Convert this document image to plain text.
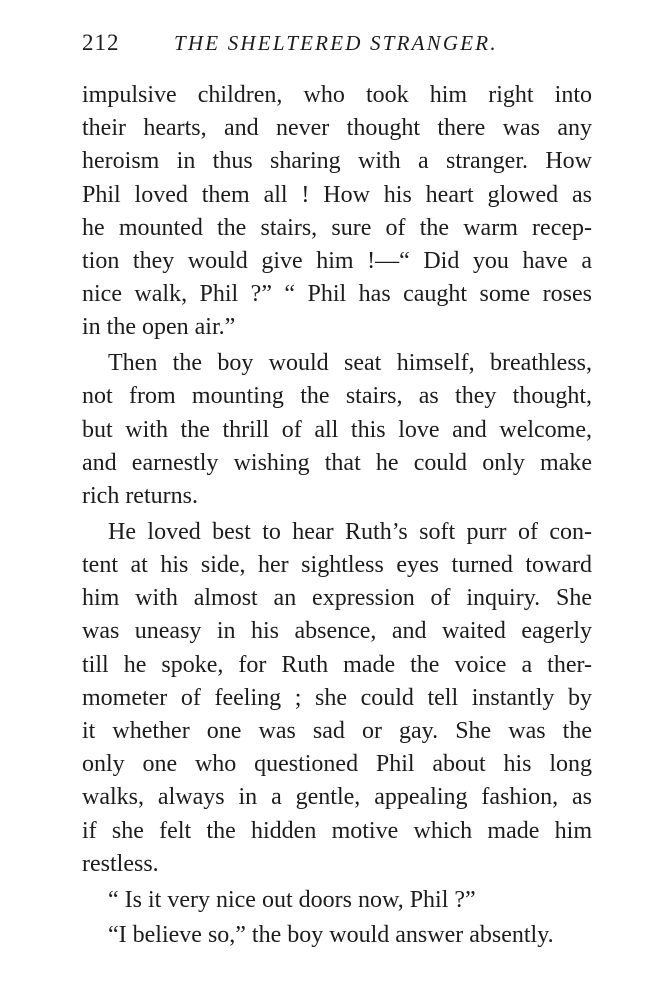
212	THE SHELTERED STRANGER.

impulsive children, who took him right into
their hearts, and never thought there was any
heroism in thus sharing with a stranger. How
Phil loved them all ! How his heart glowed as
he mounted the stairs, sure of the warm recep-
tion they would give him !—“ Did you have a
nice walk, Phil ?” “ Phil has caught some roses
in the open air.”

Then the boy would seat himself, breathless,
not from mounting the stairs, as they thought,
but with the thrill of all this love and welcome,
and earnestly wishing that he could only make
rich returns.

He loved best to hear Ruth’s soft purr of con-
tent at his side, her sightless eyes turned toward
him with almost an expression of inquiry. She
was uneasy in his absence, and waited eagerly
till he spoke, for Ruth made the voice a ther-
mometer of feeling ; she could tell instantly by
it whether one was sad or gay. She was the
only one who questioned Phil about his long
walks, always in a gentle, appealing fashion, as
if she felt the hidden motive which made him
restless.

“ Is it very nice out doors now, Phil ?”

“I believe so,” the boy would answer absently.
